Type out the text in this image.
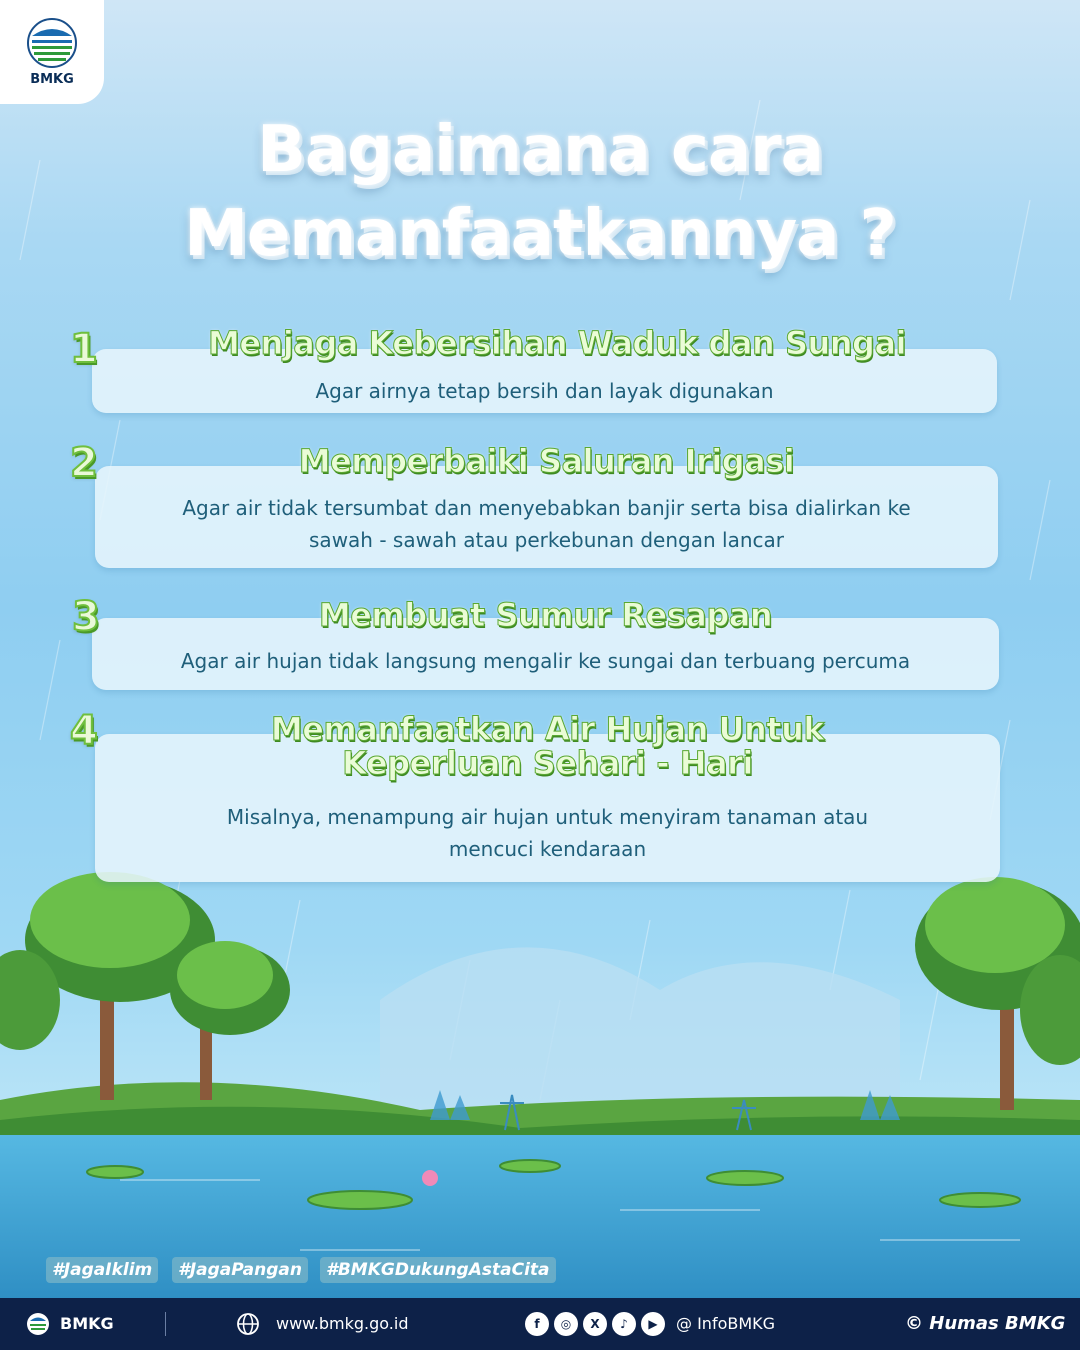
BMKG
Bagaimana cara
Memanfaatkannya ?
1	Menjaga Kebersihan Waduk dan Sungai
Agar airnya tetap bersih dan layak digunakan
2	Memperbaiki Saluran Irigasi
Agar air tidak tersumbat dan menyebabkan banjir serta bisa dialirkan ke
sawah - sawah atau perkebunan dengan lancar
3	Membuat Sumur Resapan
Agar air hujan tidak langsung mengalir ke sungai dan terbuang percuma
4	Memanfaatkan Air Hujan Untuk
Keperluan Sehari - Hari
Misalnya, menampung air hujan untuk menyiram tanaman atau
mencuci kendaraan
#JagaIklim	#JagaPangan	#BMKGDukungAstaCita
BMKG	www.bmkg.go.id	f	◎	X	♪	▶	@ InfoBMKG	© Humas BMKG
